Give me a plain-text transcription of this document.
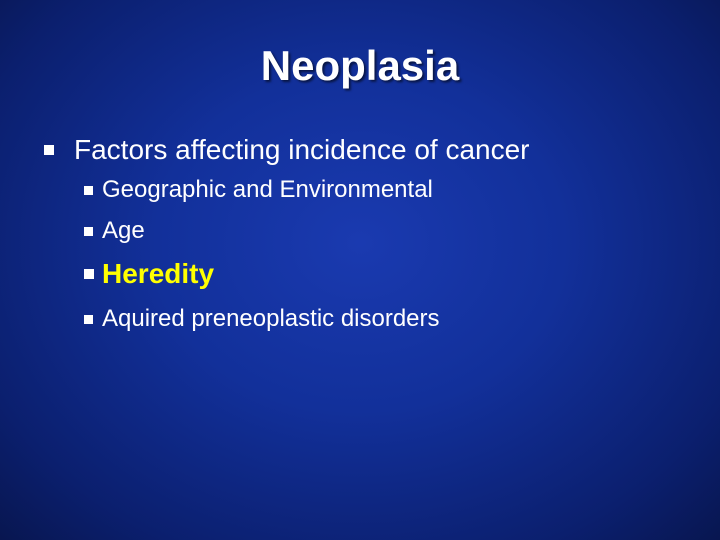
Neoplasia
Factors affecting incidence of cancer
Geographic and Environmental
Age
Heredity
Aquired preneoplastic disorders
